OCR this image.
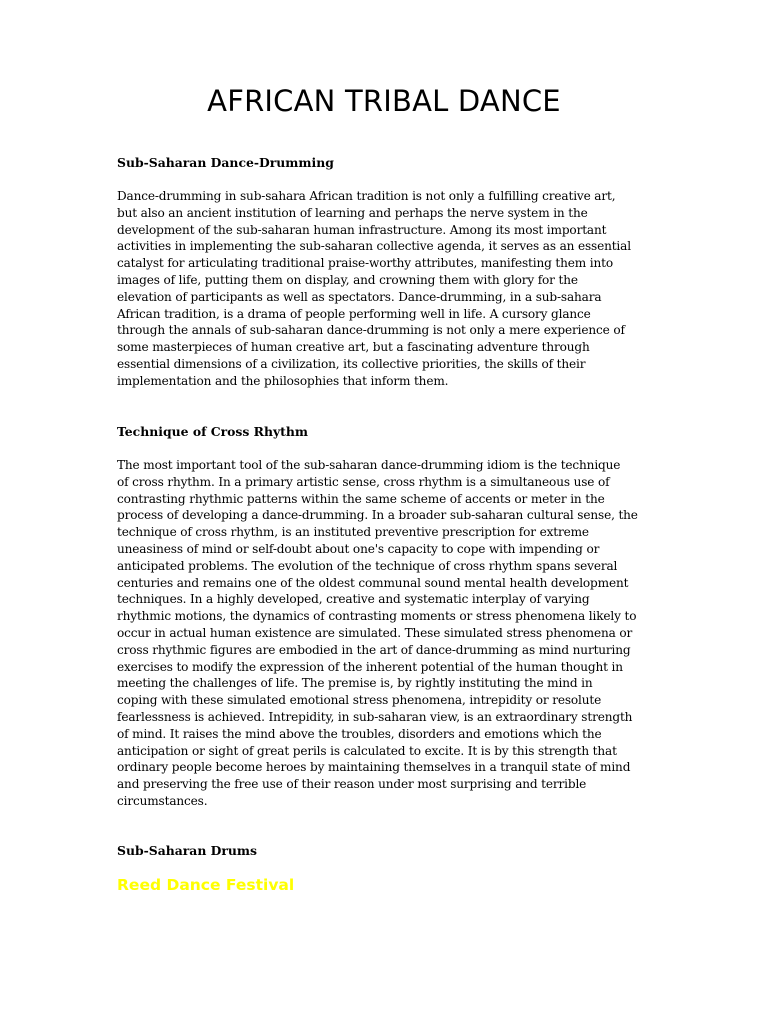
AFRICAN TRIBAL DANCE
Sub-Saharan Dance-Drumming
Dance-drumming in sub-sahara African tradition is not only a fulfilling creative art,
but also an ancient institution of learning and perhaps the nerve system in the
development of the sub-saharan human infrastructure. Among its most important
activities in implementing the sub-saharan collective agenda, it serves as an essential
catalyst for articulating traditional praise-worthy attributes, manifesting them into
images of life, putting them on display, and crowning them with glory for the
elevation of participants as well as spectators. Dance-drumming, in a sub-sahara
African tradition, is a drama of people performing well in life. A cursory glance
through the annals of sub-saharan dance-drumming is not only a mere experience of
some masterpieces of human creative art, but a fascinating adventure through
essential dimensions of a civilization, its collective priorities, the skills of their
implementation and the philosophies that inform them.
Technique of Cross Rhythm
The most important tool of the sub-saharan dance-drumming idiom is the technique
of cross rhythm. In a primary artistic sense, cross rhythm is a simultaneous use of
contrasting rhythmic patterns within the same scheme of accents or meter in the
process of developing a dance-drumming. In a broader sub-saharan cultural sense, the
technique of cross rhythm, is an instituted preventive prescription for extreme
uneasiness of mind or self-doubt about one's capacity to cope with impending or
anticipated problems. The evolution of the technique of cross rhythm spans several
centuries and remains one of the oldest communal sound mental health development
techniques. In a highly developed, creative and systematic interplay of varying
rhythmic motions, the dynamics of contrasting moments or stress phenomena likely to
occur in actual human existence are simulated. These simulated stress phenomena or
cross rhythmic figures are embodied in the art of dance-drumming as mind nurturing
exercises to modify the expression of the inherent potential of the human thought in
meeting the challenges of life. The premise is, by rightly instituting the mind in
coping with these simulated emotional stress phenomena, intrepidity or resolute
fearlessness is achieved. Intrepidity, in sub-saharan view, is an extraordinary strength
of mind. It raises the mind above the troubles, disorders and emotions which the
anticipation or sight of great perils is calculated to excite. It is by this strength that
ordinary people become heroes by maintaining themselves in a tranquil state of mind
and preserving the free use of their reason under most surprising and terrible
circumstances.
Sub-Saharan Drums
Reed Dance Festival
